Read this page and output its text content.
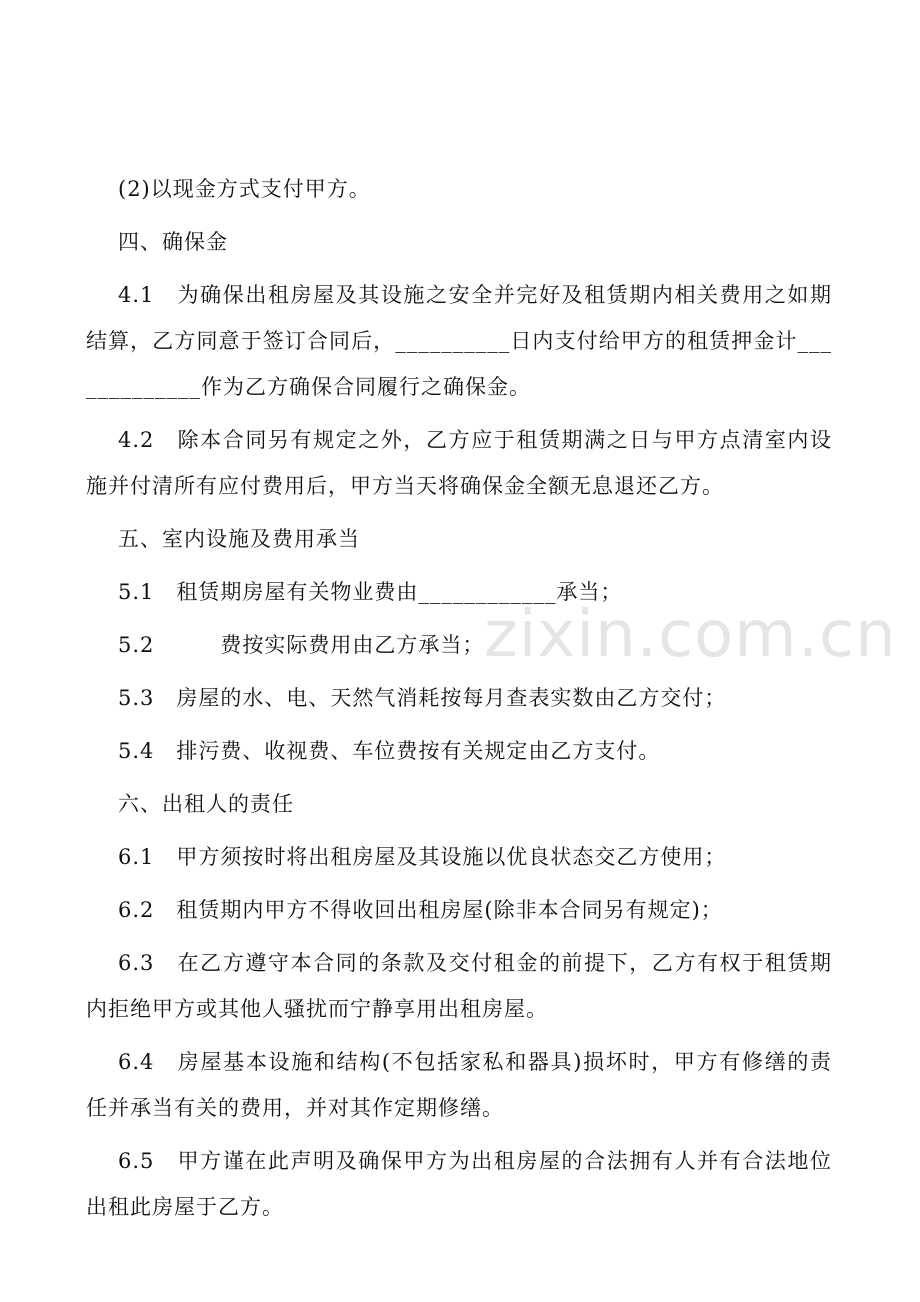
(2)以现金方式支付甲方。

四、确保金

4.1　为确保出租房屋及其设施之安全并完好及租赁期内相关费用之如期结算，乙方同意于签订合同后，__________日内支付给甲方的租赁押金计_____________作为乙方确保合同履行之确保金。

4.2　除本合同另有规定之外，乙方应于租赁期满之日与甲方点清室内设施并付清所有应付费用后，甲方当天将确保金全额无息退还乙方。

五、室内设施及费用承当

5.1　租赁期房屋有关物业费由____________承当；

5.2　　　费按实际费用由乙方承当；

5.3　房屋的水、电、天然气消耗按每月查表实数由乙方交付；

5.4　排污费、收视费、车位费按有关规定由乙方支付。

六、出租人的责任

6.1　甲方须按时将出租房屋及其设施以优良状态交乙方使用；

6.2　租赁期内甲方不得收回出租房屋(除非本合同另有规定)；

6.3　在乙方遵守本合同的条款及交付租金的前提下，乙方有权于租赁期内拒绝甲方或其他人骚扰而宁静享用出租房屋。

6.4　房屋基本设施和结构(不包括家私和器具)损坏时，甲方有修缮的责任并承当有关的费用，并对其作定期修缮。

6.5　甲方谨在此声明及确保甲方为出租房屋的合法拥有人并有合法地位出租此房屋于乙方。

zixin.com.cn
